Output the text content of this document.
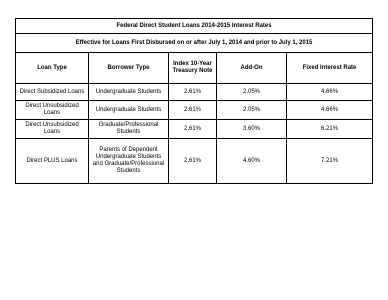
Federal Direct Student Loans 2014-2015 Interest Rates				
Effective for Loans First Disbursed on or after July 1, 2014 and prior to July 1, 2015				
Loan Type	Borrower Type	Index 10-Year Treasury Note	Add-On	Fixed Interest Rate
Direct Subsidized Loans	Undergraduate Students	2.61%	2.05%	4.66%
Direct Unsubsidized Loans	Undergraduate Students	2.61%	2.05%	4.66%
Direct Unsubsidized Loans	Graduate/Professional Students	2.61%	3.60%	6.21%
Direct PLUS Loans	Parents of Dependent Undergraduate Students and Graduate/Professional Students	2.61%	4.60%	7.21%
